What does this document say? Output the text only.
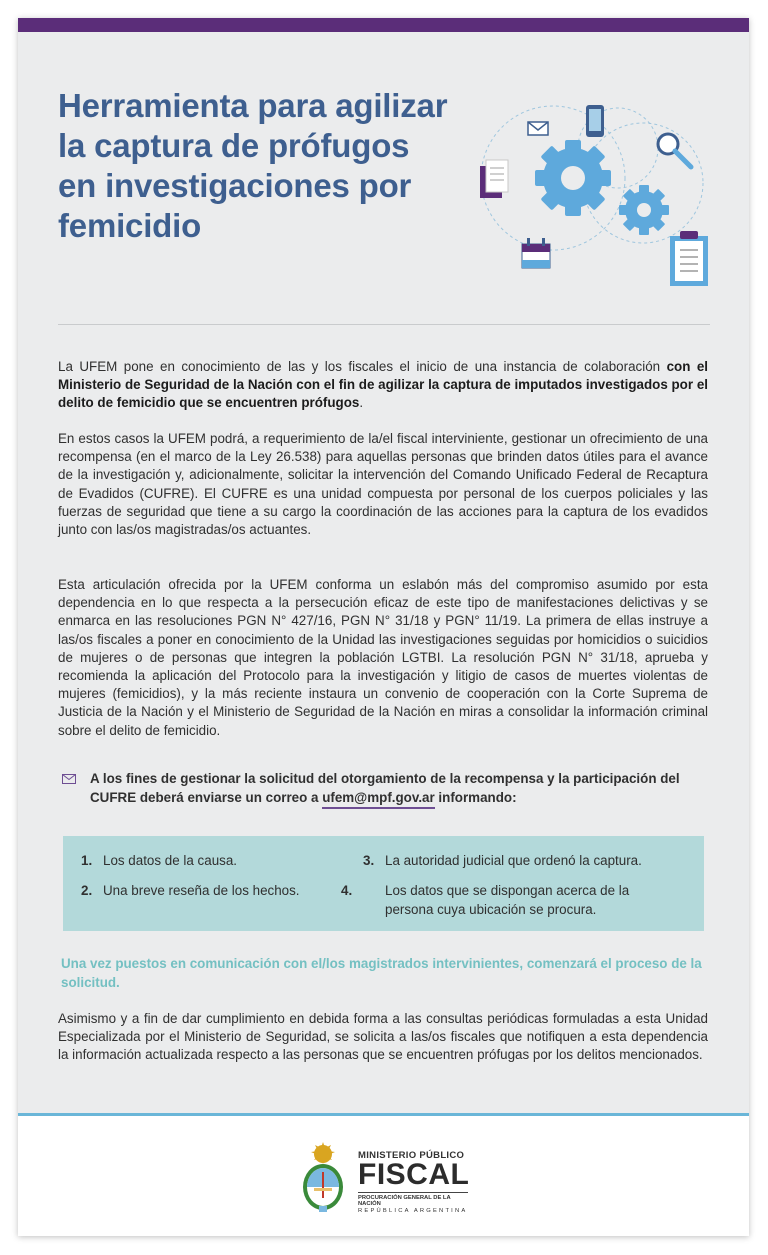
Herramienta para agilizar la captura de prófugos en investigaciones por femicidio

La UFEM pone en conocimiento de las y los fiscales el inicio de una instancia de colaboración con el Ministerio de Seguridad de la Nación con el fin de agilizar la captura de imputados investigados por el delito de femicidio que se encuentren prófugos.

En estos casos la UFEM podrá, a requerimiento de la/el fiscal interviniente, gestionar un ofrecimiento de una recompensa (en el marco de la Ley 26.538) para aquellas personas que brinden datos útiles para el avance de la investigación y, adicionalmente, solicitar la intervención del Comando Unificado Federal de Recaptura de Evadidos (CUFRE). El CUFRE es una unidad compuesta por personal de los cuerpos policiales y las fuerzas de seguridad que tiene a su cargo la coordinación de las acciones para la captura de los evadidos junto con las/os magistradas/os actuantes.

Esta articulación ofrecida por la UFEM conforma un eslabón más del compromiso asumido por esta dependencia en lo que respecta a la persecución eficaz de este tipo de manifestaciones delictivas y se enmarca en las resoluciones PGN N° 427/16, PGN N° 31/18 y PGN° 11/19. La primera de ellas instruye a las/os fiscales a poner en conocimiento de la Unidad las investigaciones seguidas por homicidios o suicidios de mujeres o de personas que integren la población LGTBI. La resolución PGN N° 31/18, aprueba y recomienda la aplicación del Protocolo para la investigación y litigio de casos de muertes violentas de mujeres (femicidios), y la más reciente instaura un convenio de cooperación con la Corte Suprema de Justicia de la Nación y el Ministerio de Seguridad de la Nación en miras a consolidar la información criminal sobre el delito de femicidio.

A los fines de gestionar la solicitud del otorgamiento de la recompensa y la participación del CUFRE deberá enviarse un correo a ufem@mpf.gov.ar informando:
1. Los datos de la causa.
2. Una breve reseña de los hechos.
3. La autoridad judicial que ordenó la captura.
4. Los datos que se dispongan acerca de la persona cuya ubicación se procura.

Una vez puestos en comunicación con el/los magistrados intervinientes, comenzará el proceso de la solicitud.

Asimismo y a fin de dar cumplimiento en debida forma a las consultas periódicas formuladas a esta Unidad Especializada por el Ministerio de Seguridad, se solicita a las/os fiscales que notifiquen a esta dependencia la información actualizada respecto a las personas que se encuentren prófugas por los delitos mencionados.

MINISTERIO PÚBLICO
FISCAL
PROCURACIÓN GENERAL DE LA NACIÓN
REPÚBLICA ARGENTINA
